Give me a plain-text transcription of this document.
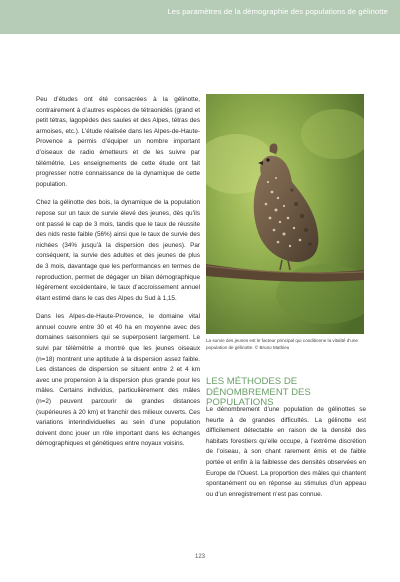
Les paramètres de la démographie des populations de gélinotte

Peu d’études ont été consacrées à la gélinotte, contrairement à d’autres espèces de tétraonidés (grand et petit tétras, lagopèdes des saules et des Alpes, tétras des armoises, etc.). L’étude réalisée dans les Alpes-de-Haute-Provence a permis d’équiper un nombre important d’oiseaux de radio émetteurs et de les suivre par télémétrie. Les enseignements de cette étude ont fait progresser notre connaissance de la dynamique de cette population.

Chez la gélinotte des bois, la dynamique de la population repose sur un taux de survie élevé des jeunes, dès qu’ils ont passé le cap de 3 mois, tandis que le taux de réussite des nids reste faible (56%) ainsi que le taux de survie des nichées (34% jusqu’à la dispersion des jeunes). Par conséquent, la survie des adultes et des jeunes de plus de 3 mois, davantage que les performances en termes de reproduction, permet de dégager un bilan démographique légèrement excédentaire, le taux d’accroissement annuel étant estimé dans le cas des Alpes du Sud à 1,15.

Dans les Alpes-de-Haute-Provence, le domaine vital annuel couvre entre 30 et 40 ha en moyenne avec des domaines saisonniers qui se superposent largement. Le suivi par télémétrie a montré que les jeunes oiseaux (n=18) montrent une aptitude à la dispersion assez faible. Les distances de dispersion se situent entre 2 et 4 km avec une propension à la dispersion plus grande pour les mâles. Certains individus, particulièrement des mâles (n=2) peuvent parcourir de grandes distances (supérieures à 20 km) et franchir des milieux ouverts. Ces variations interindividuelles au sein d’une population doivent donc jouer un rôle important dans les échanges démographiques et génétiques entre noyaux voisins.

La survie des jeunes est le facteur principal qui conditionne la vitalité d’une population de gélinotte. © Bruno Mathieu
LES MÉTHODES DE DÉNOMBREMENT DES POPULATIONS

Le dénombrement d’une population de gélinottes se heurte à de grandes difficultés. La gélinotte est difficilement détectable en raison de la densité des habitats forestiers qu’elle occupe, à l’extrême discrétion de l’oiseau, à son chant rarement émis et de faible portée et enfin à la faiblesse des densités observées en Europe de l’Ouest. La proportion des mâles qui chantent spontanément ou en réponse au stimulus d’un appeau ou d’un enregistrement n’est pas connue.

123
